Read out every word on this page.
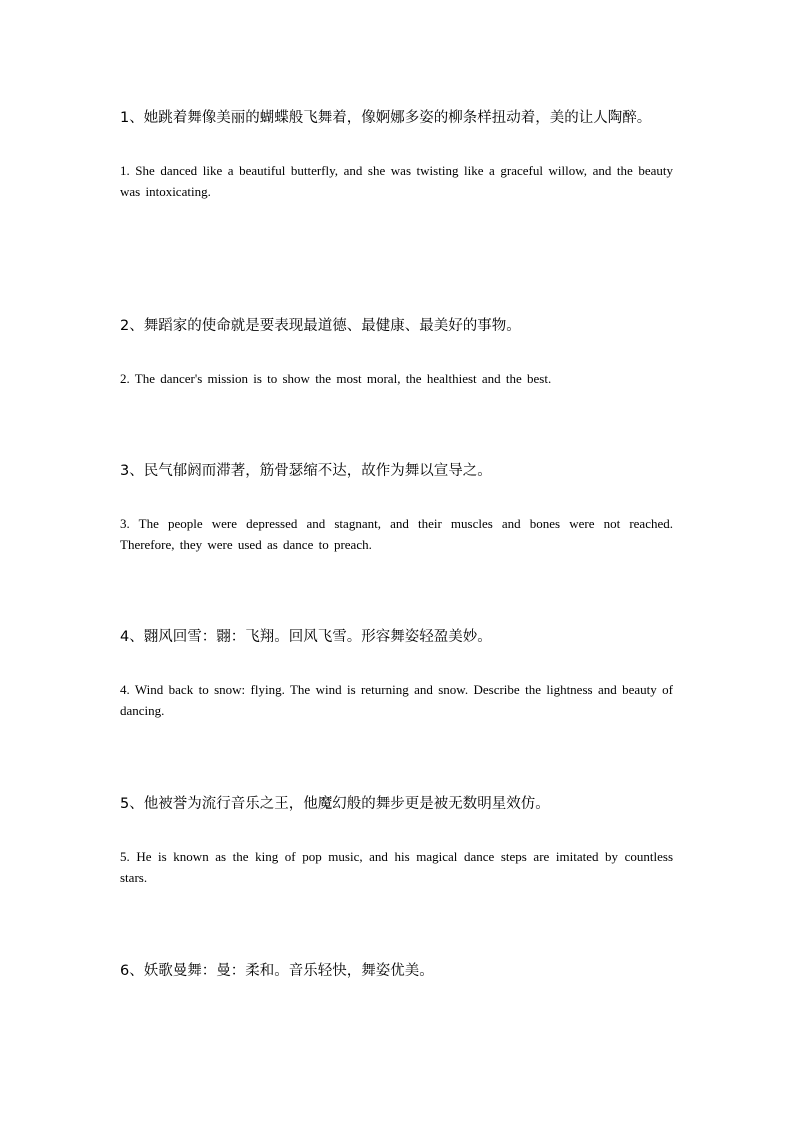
1、她跳着舞像美丽的蝴蝶般飞舞着，像婀娜多姿的柳条样扭动着，美的让人陶醉。

1. She danced like a beautiful butterfly, and she was twisting like a graceful willow, and the beauty was intoxicating.

2、舞蹈家的使命就是要表现最道德、最健康、最美好的事物。

2. The dancer's mission is to show the most moral, the healthiest and the best.

3、民气郁阏而滞著，筋骨瑟缩不达，故作为舞以宣导之。

3. The people were depressed and stagnant, and their muscles and bones were not reached. Therefore, they were used as dance to preach.

4、翾风回雪：翾：飞翔。回风飞雪。形容舞姿轻盈美妙。

4. Wind back to snow: flying. The wind is returning and snow. Describe the lightness and beauty of dancing.

5、他被誉为流行音乐之王，他魔幻般的舞步更是被无数明星效仿。

5. He is known as the king of pop music, and his magical dance steps are imitated by countless stars.

6、妖歌曼舞：曼：柔和。音乐轻快，舞姿优美。
